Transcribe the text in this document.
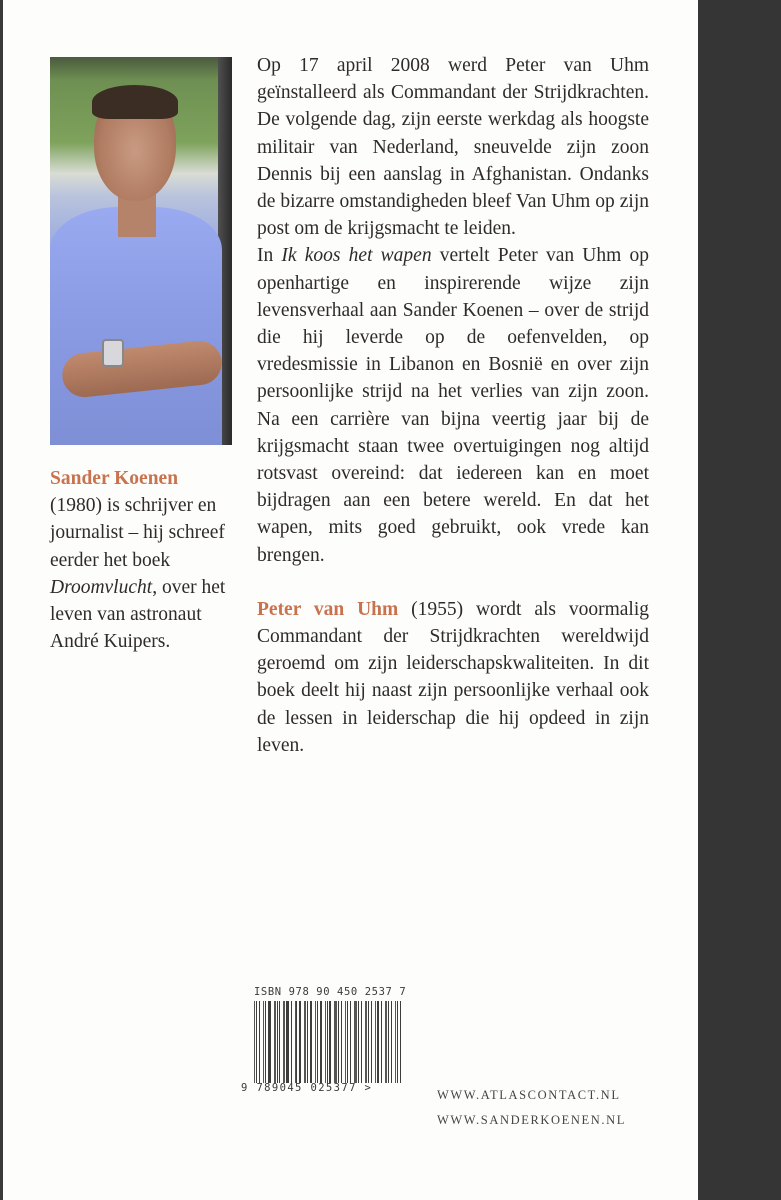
Op 17 april 2008 werd Peter van Uhm geïnstalleerd als Commandant der Strijdkrachten. De volgende dag, zijn eerste werkdag als hoogste militair van Nederland, sneuvelde zijn zoon Dennis bij een aanslag in Afghanistan. Ondanks de bizarre omstandigheden bleef Van Uhm op zijn post om de krijgsmacht te leiden.

In Ik koos het wapen vertelt Peter van Uhm op openhartige en inspirerende wijze zijn levensverhaal aan Sander Koenen – over de strijd die hij leverde op de oefenvelden, op vredesmissie in Libanon en Bosnië en over zijn persoonlijke strijd na het verlies van zijn zoon. Na een carrière van bijna veertig jaar bij de krijgsmacht staan twee overtuigingen nog altijd rotsvast overeind: dat iedereen kan en moet bijdragen aan een betere wereld. En dat het wapen, mits goed gebruikt, ook vrede kan brengen.

Peter van Uhm (1955) wordt als voormalig Commandant der Strijdkrachten wereldwijd geroemd om zijn leiderschapskwaliteiten. In dit boek deelt hij naast zijn persoonlijke verhaal ook de lessen in leiderschap die hij opdeed in zijn leven.

Sander Koenen (1980) is schrijver en journalist – hij schreef eerder het boek Droomvlucht, over het leven van astronaut André Kuipers.
ISBN 978 90 450 2537 7
9 789045 025377 >	WWW.ATLASCONTACT.NL
WWW.SANDERKOENEN.NL
